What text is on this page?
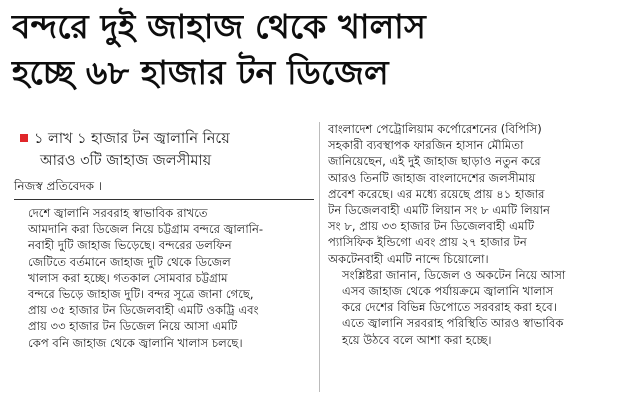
বন্দরে দুই জাহাজ থেকে খালাস
হচ্ছে ৬৮ হাজার টন ডিজেল
১ লাখ ১ হাজার টন জ্বালানি নিয়ে
আরও ৩টি জাহাজ জলসীমায়
নিজস্ব প্রতিবেদক ।

দেশে জ্বালানি সরবরাহ স্বাভাবিক রাখতে
আমদানি করা ডিজেল নিয়ে চট্টগ্রাম বন্দরে জ্বালানি-
নবাহী দুটি জাহাজ ভিড়েছে। বন্দরের ডলফিন
জেটিতে বর্তমানে জাহাজ দুটি থেকে ডিজেল
খালাস করা হচ্ছে। গতকাল সোমবার চট্টগ্রাম
বন্দরে ভিড়ে জাহাজ দুটি। বন্দর সূত্রে জানা গেছে,
প্রায় ৩৫ হাজার টন ডিজেলবাহী এমটি ওকট্রি এবং
প্রায় ৩৩ হাজার টন ডিজেল নিয়ে আসা এমটি
কেপ বনি জাহাজ থেকে জ্বালানি খালাস চলছে।

বাংলাদেশ পেট্রোলিয়াম কর্পোরেশনের (বিপিসি)
সহকারী ব্যবস্থাপক ফারজিন হাসান মৌমিতা
জানিয়েছেন, এই দুই জাহাজ ছাড়াও নতুন করে
আরও তিনটি জাহাজ বাংলাদেশের জলসীমায়
প্রবেশ করেছে। এর মধ্যে রয়েছে প্রায় ৪১ হাজার
টন ডিজেলবাহী এমটি লিয়ান সং ৮ এমটি লিয়ান
সং ৮, প্রায় ৩৩ হাজার টন ডিজেলবাহী এমটি
প্যাসিফিক ইন্ডিগো এবং প্রায় ২৭ হাজার টন
অকটেনবাহী এমটি নান্দে চিয়োলো।

সংশ্লিষ্টরা জানান, ডিজেল ও অকটেন নিয়ে আসা
এসব জাহাজ থেকে পর্যায়ক্রমে জ্বালানি খালাস
করে দেশের বিভিন্ন ডিপোতে সরবরাহ করা হবে।
এতে জ্বালানি সরবরাহ পরিস্থিতি আরও স্বাভাবিক
হয়ে উঠবে বলে আশা করা হচ্ছে।
